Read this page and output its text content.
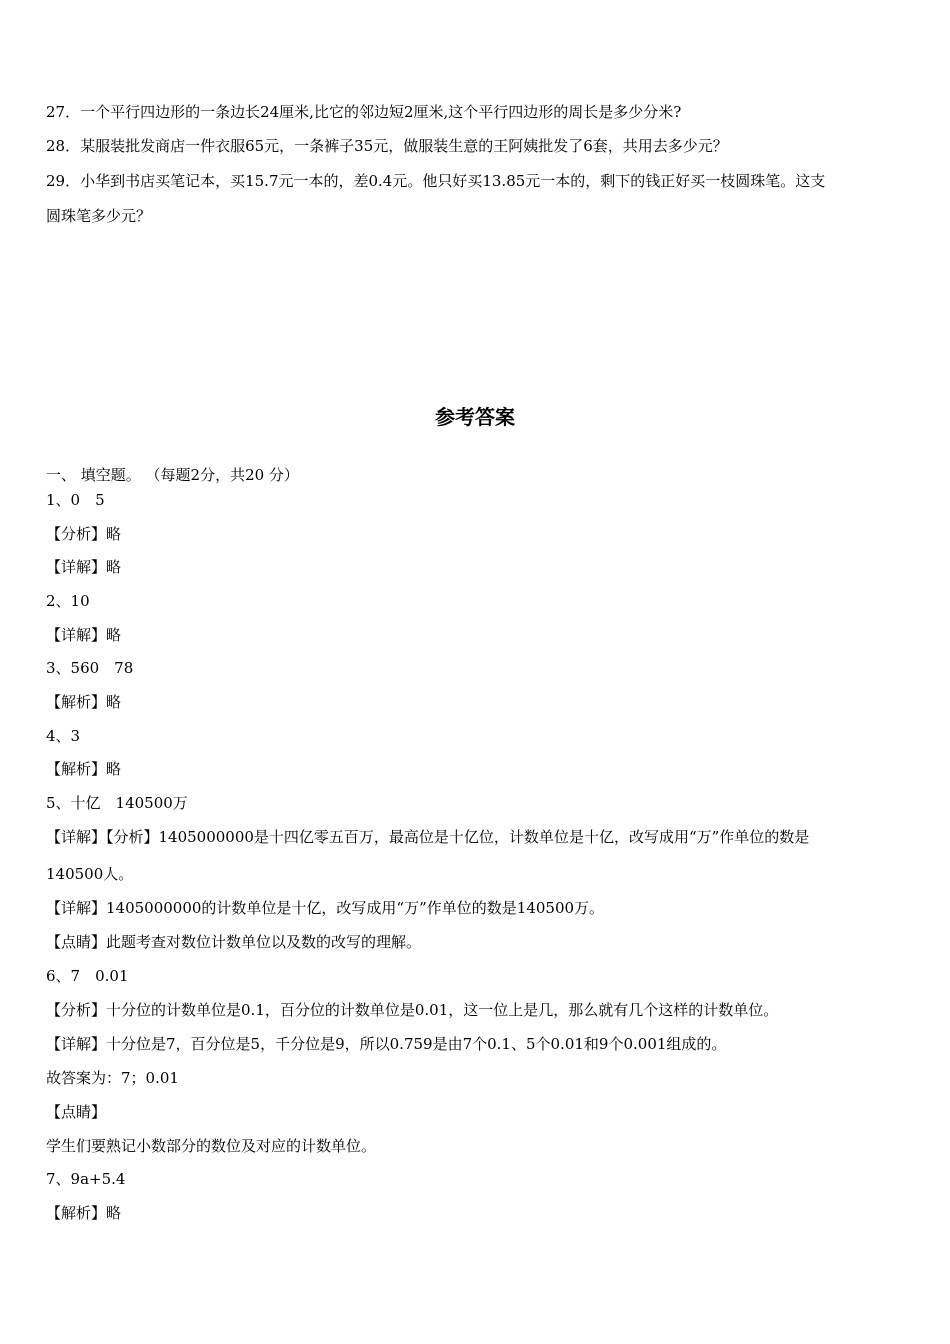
27．一个平行四边形的一条边长24厘米,比它的邻边短2厘米,这个平行四边形的周长是多少分米?
28．某服装批发商店一件衣服65元，一条裤子35元，做服装生意的王阿姨批发了6套，共用去多少元？
29．小华到书店买笔记本，买15.7元一本的，差0.4元。他只好买13.85元一本的，剩下的钱正好买一枝圆珠笔。这支
圆珠笔多少元？
参考答案
一、 填空题。 （每题2分，共20 分）
1、0　5
【分析】略
【详解】略
2、10
【详解】略
3、560　78
【解析】略
4、3
【解析】略
5、十亿　140500万
【详解】【分析】1405000000是十四亿零五百万，最高位是十亿位，计数单位是十亿，改写成用“万”作单位的数是
140500人。
【详解】1405000000的计数单位是十亿，改写成用“万”作单位的数是140500万。
【点睛】此题考查对数位计数单位以及数的改写的理解。
6、7　0.01
【分析】十分位的计数单位是0.1，百分位的计数单位是0.01，这一位上是几，那么就有几个这样的计数单位。
【详解】十分位是7，百分位是5，千分位是9，所以0.759是由7个0.1、5个0.01和9个0.001组成的。
故答案为：7；0.01
【点睛】
学生们要熟记小数部分的数位及对应的计数单位。
7、9a+5.4
【解析】略
